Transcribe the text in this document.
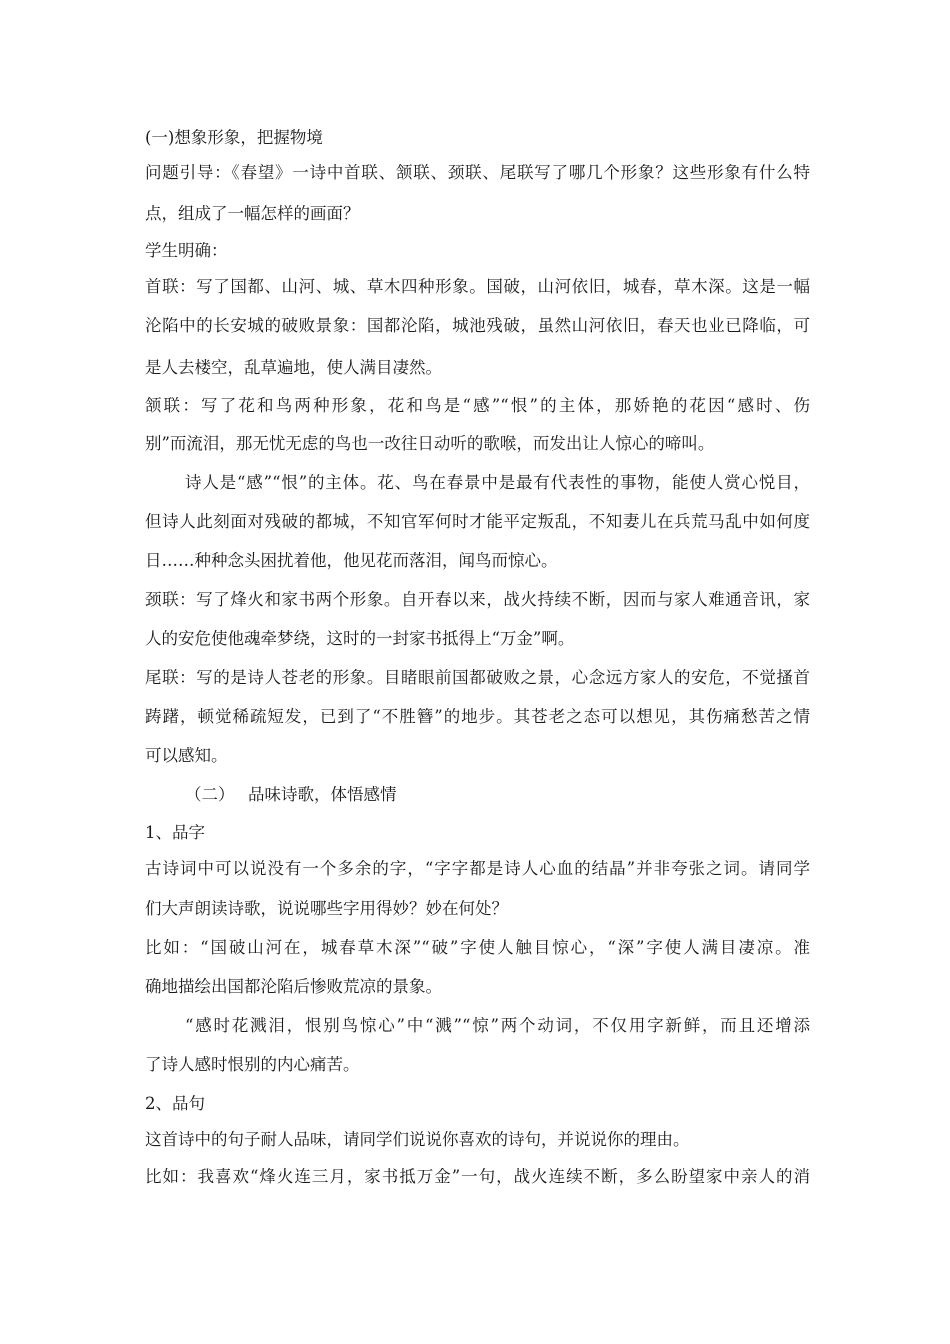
(一)想象形象，把握物境
问题引导：《春望》一诗中首联、颔联、颈联、尾联写了哪几个形象？这些形象有什么特
点，组成了一幅怎样的画面？
学生明确：
首联：写了国都、山河、城、草木四种形象。国破，山河依旧，城春，草木深。这是一幅
沦陷中的长安城的破败景象：国都沦陷，城池残破，虽然山河依旧，春天也业已降临，可
是人去楼空，乱草遍地，使人满目凄然。
颔联：写了花和鸟两种形象，花和鸟是“感”“恨”的主体，那娇艳的花因“感时、伤
别”而流泪，那无忧无虑的鸟也一改往日动听的歌喉，而发出让人惊心的啼叫。
诗人是“感”“恨”的主体。花、鸟在春景中是最有代表性的事物，能使人赏心悦目，
但诗人此刻面对残破的都城，不知官军何时才能平定叛乱，不知妻儿在兵荒马乱中如何度
日……种种念头困扰着他，他见花而落泪，闻鸟而惊心。
颈联：写了烽火和家书两个形象。自开春以来，战火持续不断，因而与家人难通音讯，家
人的安危使他魂牵梦绕，这时的一封家书抵得上“万金”啊。
尾联：写的是诗人苍老的形象。目睹眼前国都破败之景，心念远方家人的安危，不觉搔首
踌躇，顿觉稀疏短发，已到了“不胜簪”的地步。其苍老之态可以想见，其伤痛愁苦之情
可以感知。
（二）　 品味诗歌，体悟感情
1、品字
古诗词中可以说没有一个多余的字，“字字都是诗人心血的结晶”并非夸张之词。请同学
们大声朗读诗歌，说说哪些字用得妙？妙在何处？
比如：“国破山河在，城春草木深”“破”字使人触目惊心，“深”字使人满目凄凉。准
确地描绘出国都沦陷后惨败荒凉的景象。
“感时花溅泪，恨别鸟惊心”中“溅”“惊”两个动词，不仅用字新鲜，而且还增添
了诗人感时恨别的内心痛苦。
2、品句
这首诗中的句子耐人品味，请同学们说说你喜欢的诗句，并说说你的理由。
比如：我喜欢“烽火连三月，家书抵万金”一句，战火连续不断，多么盼望家中亲人的消
